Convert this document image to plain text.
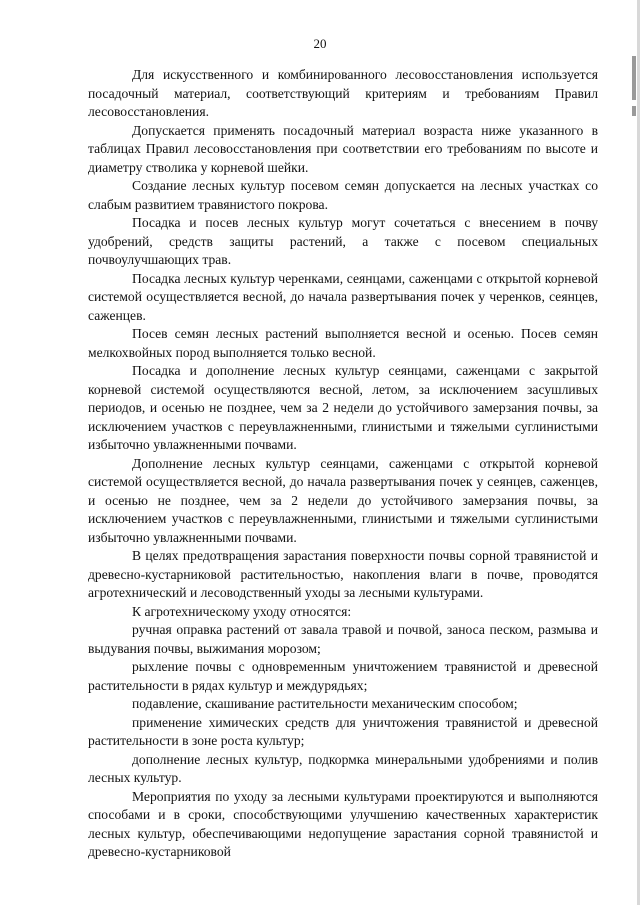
20

Для искусственного и комбинированного лесовосстановления используется посадочный материал, соответствующий критериям и требованиям Правил лесовосстановления.

Допускается применять посадочный материал возраста ниже указанного в таблицах Правил лесовосстановления при соответствии его требованиям по высоте и диаметру стволика у корневой шейки.

Создание лесных культур посевом семян допускается на лесных участках со слабым развитием травянистого покрова.

Посадка и посев лесных культур могут сочетаться с внесением в почву удобрений, средств защиты растений, а также с посевом специальных почвоулучшающих трав.

Посадка лесных культур черенками, сеянцами, саженцами с открытой корневой системой осуществляется весной, до начала развертывания почек у черенков, сеянцев, саженцев.

Посев семян лесных растений выполняется весной и осенью. Посев семян мелкохвойных пород выполняется только весной.

Посадка и дополнение лесных культур сеянцами, саженцами с закрытой корневой системой осуществляются весной, летом, за исключением засушливых периодов, и осенью не позднее, чем за 2 недели до устойчивого замерзания почвы, за исключением участков с переувлажненными, глинистыми и тяжелыми суглинистыми избыточно увлажненными почвами.

Дополнение лесных культур сеянцами, саженцами с открытой корневой системой осуществляется весной, до начала развертывания почек у сеянцев, саженцев, и осенью не позднее, чем за 2 недели до устойчивого замерзания почвы, за исключением участков с переувлажненными, глинистыми и тяжелыми суглинистыми избыточно увлажненными почвами.

В целях предотвращения зарастания поверхности почвы сорной травянистой и древесно-кустарниковой растительностью, накопления влаги в почве, проводятся агротехнический и лесоводственный уходы за лесными культурами.

К агротехническому уходу относятся:

ручная оправка растений от завала травой и почвой, заноса песком, размыва и выдувания почвы, выжимания морозом;

рыхление почвы с одновременным уничтожением травянистой и древесной растительности в рядах культур и междурядьях;

подавление, скашивание растительности механическим способом;

применение химических средств для уничтожения травянистой и древесной растительности в зоне роста культур;

дополнение лесных культур, подкормка минеральными удобрениями и полив лесных культур.

Мероприятия по уходу за лесными культурами проектируются и выполняются способами и в сроки, способствующими улучшению качественных характеристик лесных культур, обеспечивающими недопущение зарастания сорной травянистой и древесно-кустарниковой
